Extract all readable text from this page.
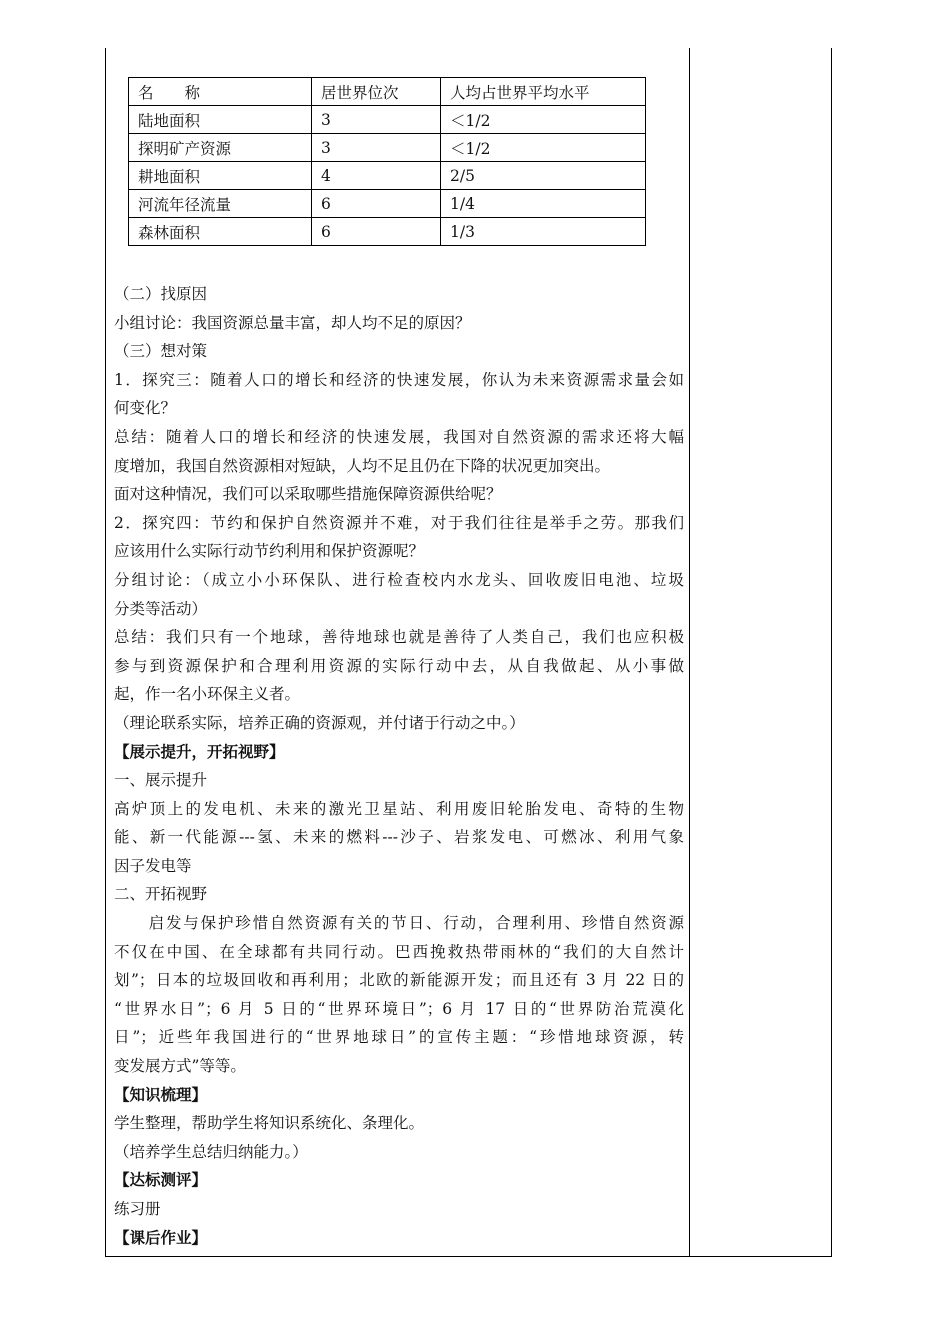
名　　称	居世界位次	人均占世界平均水平
陆地面积	3	＜1/2
探明矿产资源	3	＜1/2
耕地面积	4	2/5
河流年径流量	6	1/4
森林面积	6	1/3
（二）找原因
小组讨论：我国资源总量丰富，却人均不足的原因？
（三）想对策
1．探究三：随着人口的增长和经济的快速发展，你认为未来资源需求量会如
何变化？
总结：随着人口的增长和经济的快速发展，我国对自然资源的需求还将大幅
度增加，我国自然资源相对短缺，人均不足且仍在下降的状况更加突出。
面对这种情况，我们可以采取哪些措施保障资源供给呢？
2．探究四：节约和保护自然资源并不难，对于我们往往是举手之劳。那我们
应该用什么实际行动节约利用和保护资源呢？
分组讨论：（成立小小环保队、进行检查校内水龙头、回收废旧电池、垃圾
分类等活动）
总结：我们只有一个地球，善待地球也就是善待了人类自己，我们也应积极
参与到资源保护和合理利用资源的实际行动中去，从自我做起、从小事做
起，作一名小环保主义者。
（理论联系实际，培养正确的资源观，并付诸于行动之中。）
【展示提升，开拓视野】
一、展示提升
高炉顶上的发电机、未来的激光卫星站、利用废旧轮胎发电、奇特的生物
能、新一代能源---氢、未来的燃料---沙子、岩浆发电、可燃冰、利用气象
因子发电等
二、开拓视野
　　启发与保护珍惜自然资源有关的节日、行动，合理利用、珍惜自然资源
不仅在中国、在全球都有共同行动。巴西挽救热带雨林的“我们的大自然计
划”；日本的垃圾回收和再利用；北欧的新能源开发；而且还有 3 月 22 日的
“世界水日”；6 月 5 日的“世界环境日”；6 月 17 日的“世界防治荒漠化
日”；近些年我国进行的“世界地球日”的宣传主题：“珍惜地球资源，转
变发展方式”等等。
【知识梳理】
学生整理，帮助学生将知识系统化、条理化。
（培养学生总结归纳能力。）
【达标测评】
练习册
【课后作业】
